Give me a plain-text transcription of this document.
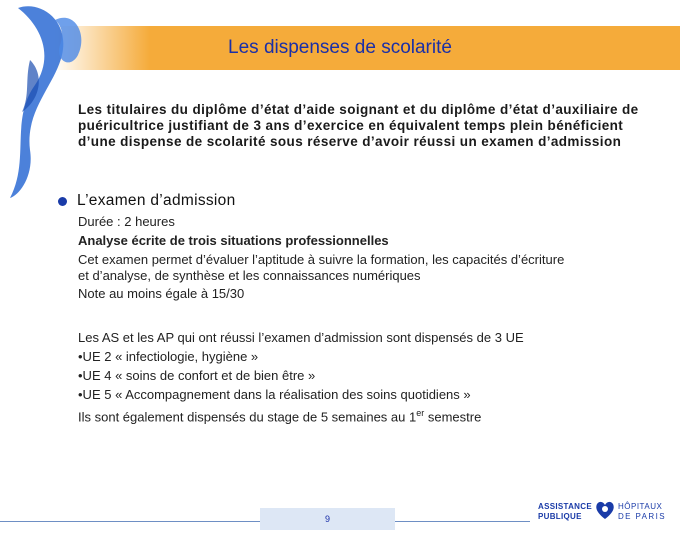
Les dispenses de scolarité
Les titulaires du diplôme d’état d’aide soignant et du diplôme d’état d’auxiliaire de puéricultrice justifiant de 3 ans d’exercice en équivalent temps plein bénéficient d’une dispense de scolarité sous réserve d’avoir réussi un examen d’admission
L’examen d’admission
Durée : 2 heures
Analyse écrite de trois situations professionnelles
Cet examen permet d’évaluer l’aptitude à suivre la formation, les capacités d’écriture
et d’analyse, de synthèse et les connaissances numériques
Note au moins égale à 15/30
Les AS et les AP qui ont réussi l’examen d’admission sont dispensés de 3 UE
•UE 2 « infectiologie, hygiène »
•UE 4 « soins de confort et de bien être »
•UE 5 « Accompagnement dans la réalisation des soins quotidiens »
Ils sont également dispensés du stage de 5 semaines au 1er semestre
9
ASSISTANCE
PUBLIQUE
HÔPITAUX
DE PARIS
